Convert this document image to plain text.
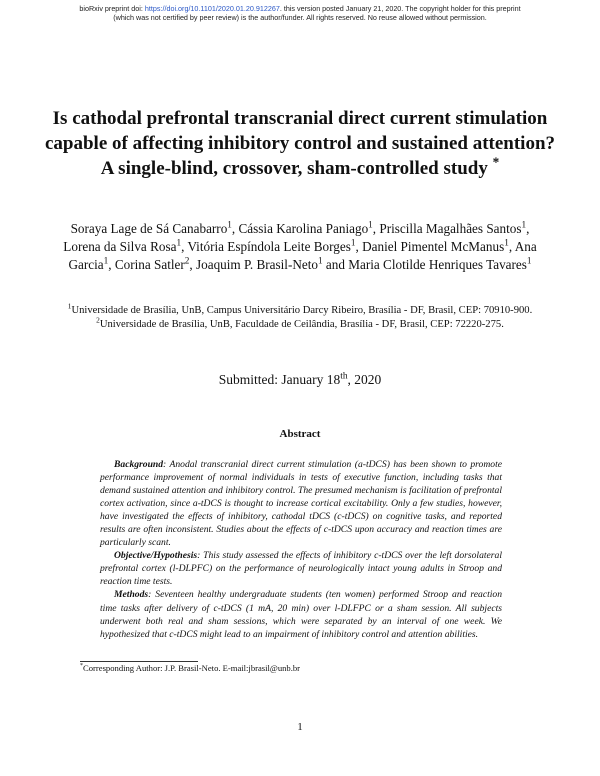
bioRxiv preprint doi: https://doi.org/10.1101/2020.01.20.912267. this version posted January 21, 2020. The copyright holder for this preprint
(which was not certified by peer review) is the author/funder. All rights reserved. No reuse allowed without permission.
Is cathodal prefrontal transcranial direct current stimulation capable of affecting inhibitory control and sustained attention? A single-blind, crossover, sham-controlled study *
Soraya Lage de Sá Canabarro$^1$, Cássia Karolina Paniago$^1$, Priscilla Magalhães Santos$^1$, Lorena da Silva Rosa$^1$, Vitória Espíndola Leite Borges$^1$, Daniel Pimentel McManus$^1$, Ana Garcia$^1$, Corina Satler$^2$, Joaquim P. Brasil-Neto$^1$ and Maria Clotilde Henriques Tavares$^1$

$^1$Universidade de Brasília, UnB, Campus Universitário Darcy Ribeiro, Brasília - DF, Brasil, CEP: 70910-900.

$^2$Universidade de Brasília, UnB, Faculdade de Ceilândia, Brasília - DF, Brasil, CEP: 72220-275.

Submitted: January 18th, 2020
Abstract

Background: Anodal transcranial direct current stimulation (a-tDCS) has been shown to promote performance improvement of normal individuals in tests of executive function, including tasks that demand sustained attention and inhibitory control. The presumed mechanism is facilitation of prefrontal cortex activation, since a-tDCS is thought to increase cortical excitability. Only a few studies, however, have investigated the effects of inhibitory, cathodal tDCS (c-tDCS) on cognitive tasks, and reported results are often inconsistent. Studies about the effects of c-tDCS upon accuracy and reaction times are particularly scant.

Objective/Hypothesis: This study assessed the effects of inhibitory c-tDCS over the left dorsolateral prefrontal cortex (l-DLPFC) on the performance of neurologically intact young adults in Stroop and reaction time tests.

Methods: Seventeen healthy undergraduate students (ten women) performed Stroop and reaction time tasks after delivery of c-tDCS (1 mA, 20 min) over l-DLFPC or a sham session. All subjects underwent both real and sham sessions, which were separated by an interval of one week. We hypothesized that c-tDCS might lead to an impairment of inhibitory control and attention abilities.

*Corresponding Author: J.P. Brasil-Neto. E-mail:jbrasil@unb.br
1
